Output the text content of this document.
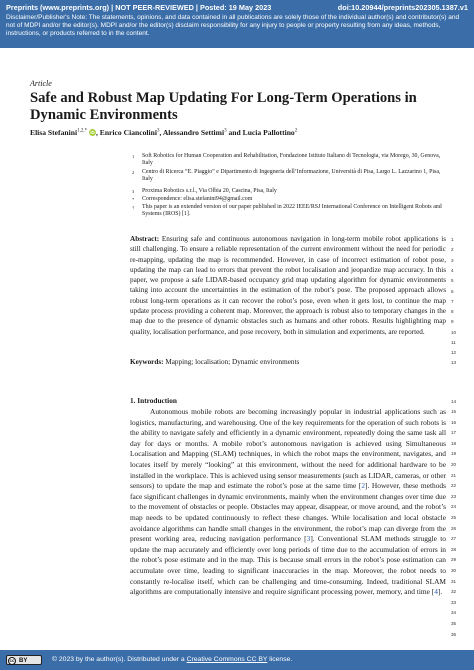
Preprints (www.preprints.org) | NOT PEER-REVIEWED | Posted: 19 May 2023	doi:10.20944/preprints202305.1387.v1
Disclaimer/Publisher's Note: The statements, opinions, and data contained in all publications are solely those of the individual author(s) and contributor(s) and not of MDPI and/or the editor(s). MDPI and/or the editor(s) disclaim responsibility for any injury to people or property resulting from any ideas, methods, instructions, or products referred to in the content.
Article
Safe and Robust Map Updating For Long-Term Operations in Dynamic Environments
Elisa Stefanini$^{1,2,*}$ iD, Enrico Ciancolini$^3$, Alessandro Settimi$^3$ and Lucia Pallottino$^2$
1 Soft Robotics for Human Cooperation and Rehabilitation, Fondazione Istituto Italiano di Tecnologia, via Morego, 30, Genova, Italy
2 Centro di Ricerca “E. Piaggio” e Dipartimento di Ingegneria dell’Informazione, Università di Pisa, Largo L. Lazzarino 1, Pisa, Italy
3 Proxima Robotics s.r.l., Via Olbia 20, Cascina, Pisa, Italy
* Correspondence: elisa.stefanini94@gmail.com
† This paper is an extended version of our paper published in 2022 IEEE/RSJ International Conference on Intelligent Robots and Systems (IROS) [1].
Abstract: Ensuring safe and continuous autonomous navigation in long-term mobile robot applications is still challenging. To ensure a reliable representation of the current environment without the need for periodic re-mapping, updating the map is recommended. However, in case of incorrect estimation of robot pose, updating the map can lead to errors that prevent the robot localisation and jeopardize map accuracy. In this paper, we propose a safe LIDAR-based occupancy grid map updating algorithm for dynamic environments taking into account the uncertainties in the estimation of the robot’s pose. The proposed approach allows robust long-term operations as it can recover the robot’s pose, even when it gets lost, to continue the map update process providing a coherent map. Moreover, the approach is robust also to temporary changes in the map due to the presence of dynamic obstacles such as humans and other robots. Results highlighting map quality, localisation performance, and pose recovery, both in simulation and experiments, are reported.
Keywords: Mapping; localisation; Dynamic environments
1. Introduction
Autonomous mobile robots are becoming increasingly popular in industrial applications such as logistics, manufacturing, and warehousing. One of the key requirements for the operation of such robots is the ability to navigate safely and efficiently in a dynamic environment, repeatedly doing the same task all day for days or months. A mobile robot’s autonomous navigation is achieved using Simultaneous Localisation and Mapping (SLAM) techniques, in which the robot maps the environment, navigates, and locates itself by merely “looking” at this environment, without the need for additional hardware to be installed in the workplace. This is achieved using sensor measurements (such as LIDAR, cameras, or other sensors) to update the map and estimate the robot’s pose at the same time [2]. However, these methods face significant challenges in dynamic environments, mainly when the environment changes over time due to the movement of obstacles or people. Obstacles may appear, disappear, or move around, and the robot’s map needs to be updated continuously to reflect these changes. While localisation and local obstacle avoidance algorithms can handle small changes in the environment, the robot’s map can diverge from the present working area, reducing navigation performance [3]. Conventional SLAM methods struggle to update the map accurately and efficiently over long periods of time due to the accumulation of errors in the robot’s pose estimate and in the map. This is because small errors in the robot’s pose estimation can accumulate over time, leading to significant inaccuracies in the map. Moreover, the robot needs to constantly re-localise itself, which can be challenging and time-consuming. Indeed, traditional SLAM algorithms are computationally intensive and require significant processing power, memory, and time [4].
1
2
3
4
5
6
7
8
9
10
11
12
13
14
15
16
17
18
19
20
21
22
23
24
25
26
27
28
29
30
31
32
33
34
35
36
cc BY	© 2023 by the author(s). Distributed under a Creative Commons CC BY license.
